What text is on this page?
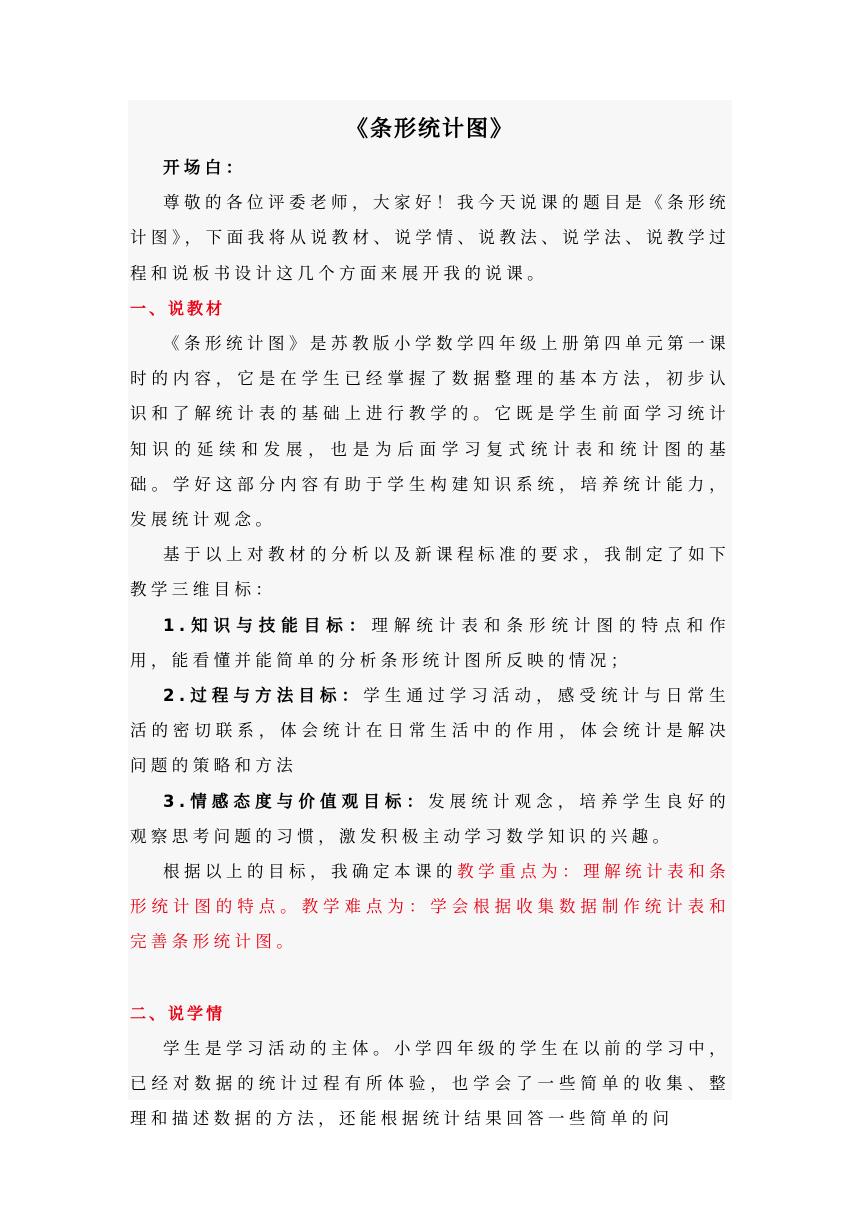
《条形统计图》

开场白：

尊敬的各位评委老师，大家好！我今天说课的题目是《条形统计图》，下面我将从说教材、说学情、说教法、说学法、说教学过程和说板书设计这几个方面来展开我的说课。

一、说教材

《条形统计图》是苏教版小学数学四年级上册第四单元第一课时的内容，它是在学生已经掌握了数据整理的基本方法，初步认识和了解统计表的基础上进行教学的。它既是学生前面学习统计知识的延续和发展，也是为后面学习复式统计表和统计图的基础。学好这部分内容有助于学生构建知识系统，培养统计能力，发展统计观念。

基于以上对教材的分析以及新课程标准的要求，我制定了如下教学三维目标：

1.知识与技能目标：理解统计表和条形统计图的特点和作用，能看懂并能简单的分析条形统计图所反映的情况；

2.过程与方法目标：学生通过学习活动，感受统计与日常生活的密切联系，体会统计在日常生活中的作用，体会统计是解决问题的策略和方法

3.情感态度与价值观目标：发展统计观念，培养学生良好的观察思考问题的习惯，激发积极主动学习数学知识的兴趣。

根据以上的目标，我确定本课的教学重点为：理解统计表和条形统计图的特点。教学难点为：学会根据收集数据制作统计表和完善条形统计图。

二、说学情

学生是学习活动的主体。小学四年级的学生在以前的学习中，已经对数据的统计过程有所体验，也学会了一些简单的收集、整理和描述数据的方法，还能根据统计结果回答一些简单的问
